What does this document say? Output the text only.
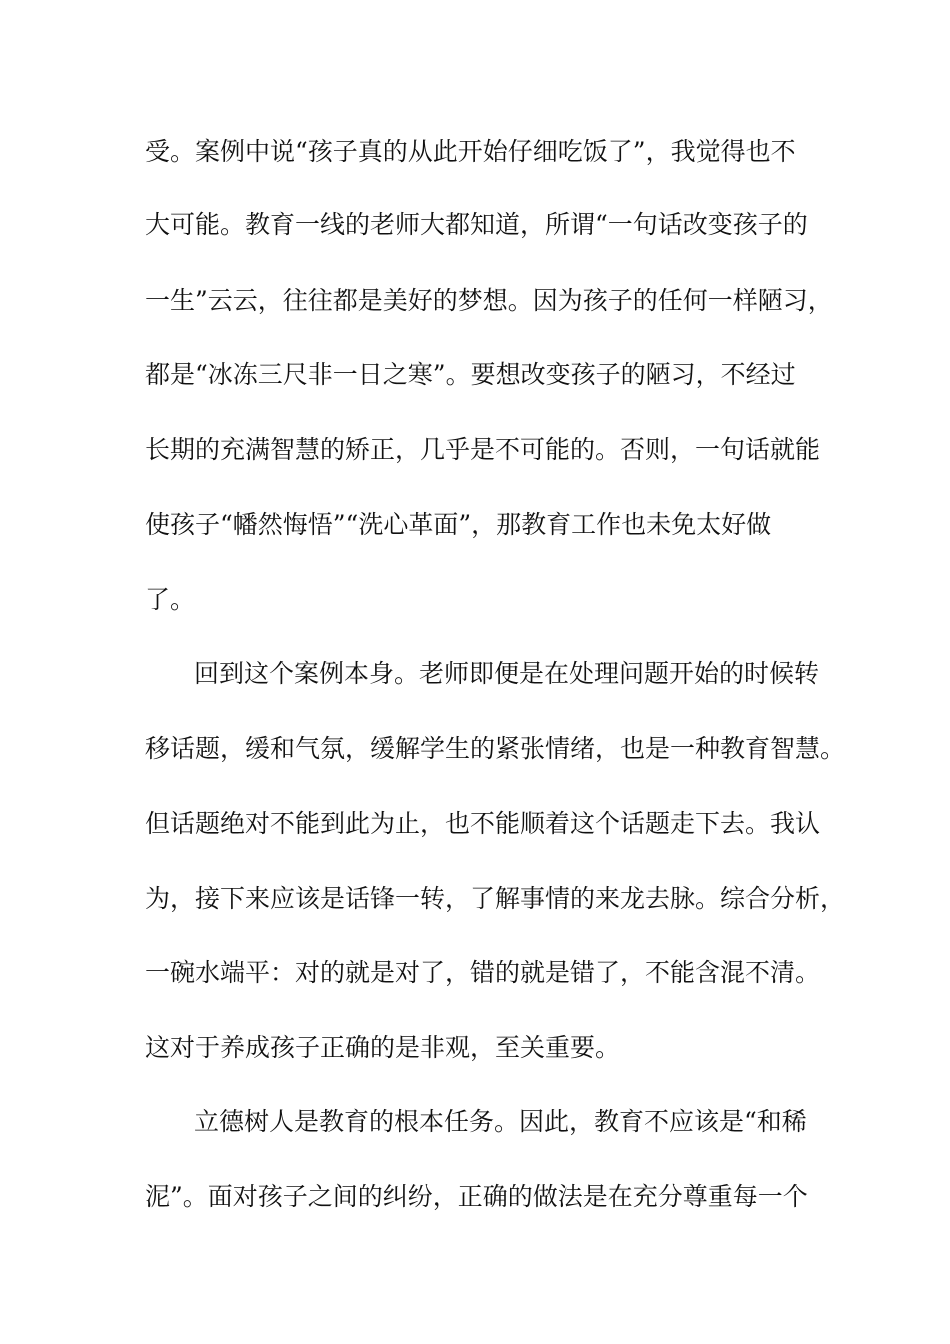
受。案例中说“孩子真的从此开始仔细吃饭了”，我觉得也不
大可能。教育一线的老师大都知道，所谓“一句话改变孩子的
一生”云云，往往都是美好的梦想。因为孩子的任何一样陋习，
都是“冰冻三尺非一日之寒”。要想改变孩子的陋习，不经过
长期的充满智慧的矫正，几乎是不可能的。否则，一句话就能
使孩子“幡然悔悟”“洗心革面”，那教育工作也未免太好做
了。
回到这个案例本身。老师即便是在处理问题开始的时候转
移话题，缓和气氛，缓解学生的紧张情绪，也是一种教育智慧。
但话题绝对不能到此为止，也不能顺着这个话题走下去。我认
为，接下来应该是话锋一转，了解事情的来龙去脉。综合分析，
一碗水端平：对的就是对了，错的就是错了，不能含混不清。
这对于养成孩子正确的是非观，至关重要。
立德树人是教育的根本任务。因此，教育不应该是“和稀
泥”。面对孩子之间的纠纷，正确的做法是在充分尊重每一个
